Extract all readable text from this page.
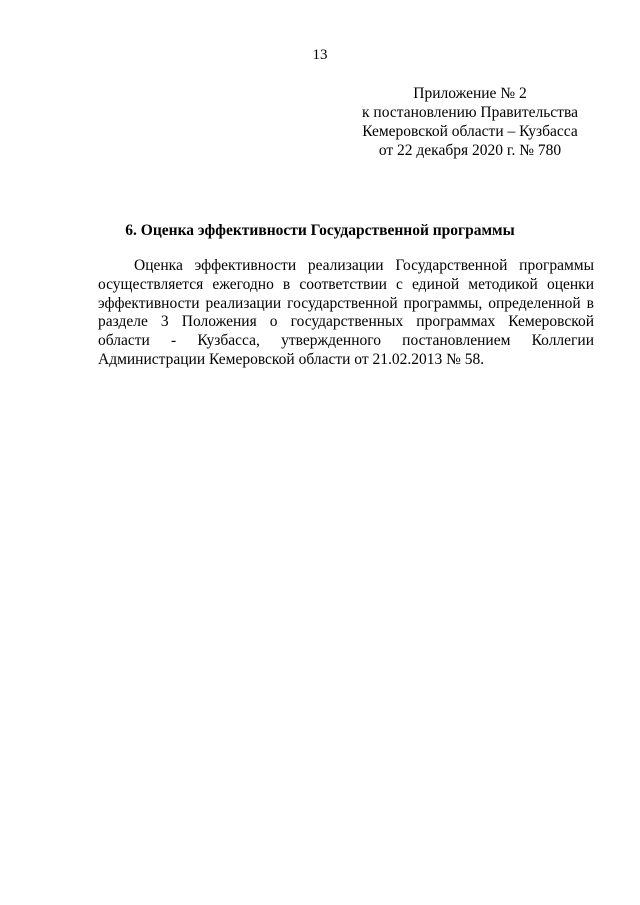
13
Приложение № 2
к постановлению Правительства
Кемеровской области – Кузбасса
от 22 декабря 2020 г. № 780
6. Оценка эффективности Государственной программы
Оценка эффективности реализации Государственной программы
осуществляется ежегодно в соответствии с единой методикой оценки
эффективности реализации государственной программы, определенной в
разделе 3 Положения о государственных программах Кемеровской
области - Кузбасса, утвержденного постановлением Коллегии
Администрации Кемеровской области от 21.02.2013 № 58.
